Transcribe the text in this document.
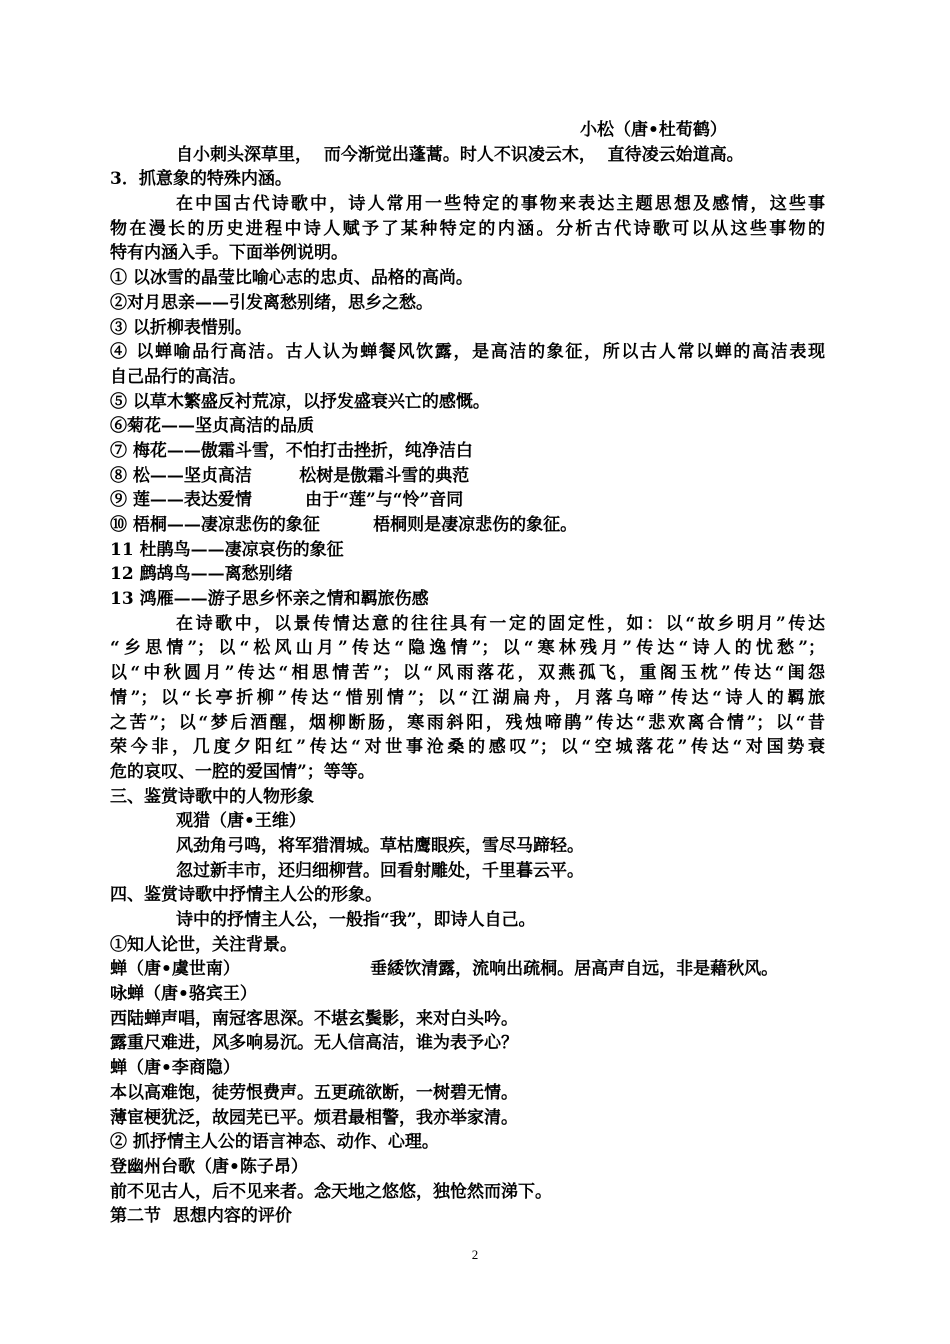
小松（唐•杜荀鹤）
自小刺头深草里，  而今渐觉出蓬蒿。时人不识凌云木，  直待凌云始道高。
3．抓意象的特殊内涵。
在中国古代诗歌中，诗人常用一些特定的事物来表达主题思想及感情，这些事
物在漫长的历史进程中诗人赋予了某种特定的内涵。分析古代诗歌可以从这些事物的
特有内涵入手。下面举例说明。
① 以冰雪的晶莹比喻心志的忠贞、品格的高尚。
②对月思亲——引发离愁别绪，思乡之愁。
③ 以折柳表惜别。
④ 以蝉喻品行高洁。古人认为蝉餐风饮露，是高洁的象征，所以古人常以蝉的高洁表现
自己品行的高洁。
⑤ 以草木繁盛反衬荒凉，以抒发盛衰兴亡的感慨。
⑥菊花——坚贞高洁的品质
⑦ 梅花——傲霜斗雪，不怕打击挫折，纯净洁白
⑧ 松——坚贞高洁        松树是傲霜斗雪的典范
⑨ 莲——表达爱情         由于“莲”与“怜”音同
⑩ 梧桐——凄凉悲伤的象征         梧桐则是凄凉悲伤的象征。
11 杜鹃鸟——凄凉哀伤的象征
12 鹧鸪鸟——离愁别绪
13 鸿雁——游子思乡怀亲之情和羁旅伤感
在诗歌中，以景传情达意的往往具有一定的固定性，如：以“故乡明月”传达
“乡思情”；以“松风山月”传达“隐逸情”；以“寒林残月”传达“诗人的忧愁”；
以“中秋圆月”传达“相思情苦”；以“风雨落花，双燕孤飞，重阁玉枕”传达“闺怨
情”；以“长亭折柳”传达“惜别情”；以“江湖扁舟，月落乌啼”传达“诗人的羁旅
之苦”；以“梦后酒醒，烟柳断肠，寒雨斜阳，残烛啼鹃”传达“悲欢离合情”；以“昔
荣今非，几度夕阳红”传达“对世事沧桑的感叹”；以“空城落花”传达“对国势衰
危的哀叹、一腔的爱国情”；等等。
三、鉴赏诗歌中的人物形象
观猎（唐•王维）
风劲角弓鸣，将军猎渭城。草枯鹰眼疾，雪尽马蹄轻。
忽过新丰市，还归细柳营。回看射雕处，千里暮云平。
四、鉴赏诗歌中抒情主人公的形象。
诗中的抒情主人公，一般指“我”，即诗人自己。
①知人论世，关注背景。
蝉（唐•虞世南）                      垂緌饮清露，流响出疏桐。居高声自远，非是藉秋风。
咏蝉（唐•骆宾王）
西陆蝉声唱，南冠客思深。不堪玄鬓影，来对白头吟。
露重尺难进，风多响易沉。无人信高洁，谁为表予心？
蝉（唐•李商隐）
本以高难饱，徒劳恨费声。五更疏欲断，一树碧无情。
薄宦梗犹泛，故园芜已平。烦君最相警，我亦举家清。
② 抓抒情主人公的语言神态、动作、心理。
登幽州台歌（唐•陈子昂）
前不见古人，后不见来者。念天地之悠悠，独怆然而涕下。
第二节  思想内容的评价
2
